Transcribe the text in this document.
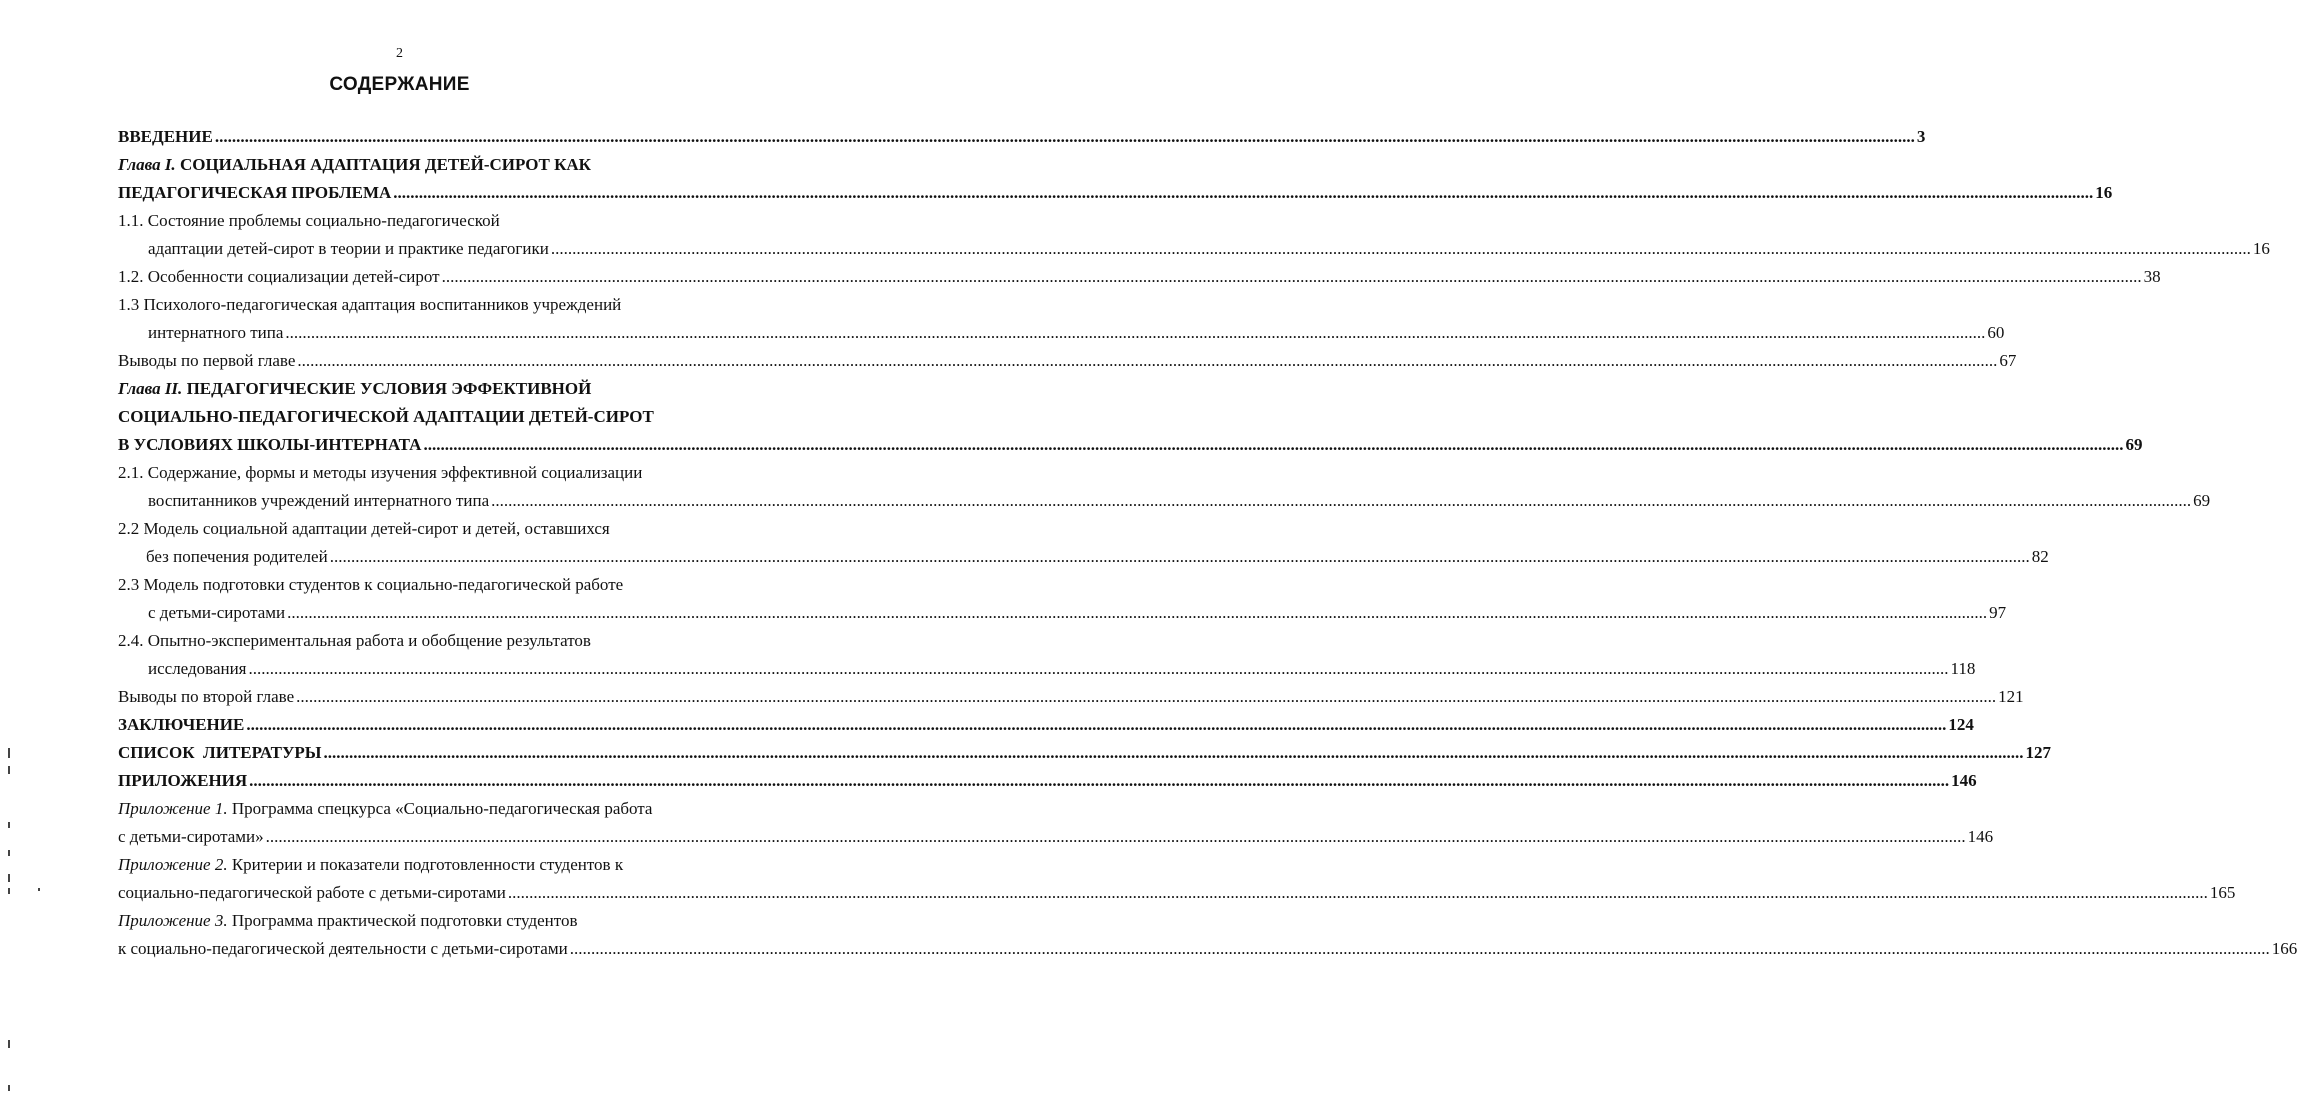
2
СОДЕРЖАНИЕ
ВВЕДЕНИЕ ................................................................................................................................................................................................................................................................................................................................................................................................................ 3
Глава I. СОЦИАЛЬНАЯ АДАПТАЦИЯ ДЕТЕЙ-СИРОТ КАК
ПЕДАГОГИЧЕСКАЯ ПРОБЛЕМА ................................................................................................................................................................................................................................................................................................................................................................................................................ 16
1.1. Состояние проблемы социально-педагогической
адаптации детей-сирот в теории и практике педагогики ................................................................................................................................................................................................................................................................................................................................................................................................................ 16
1.2. Особенности социализации детей-сирот ................................................................................................................................................................................................................................................................................................................................................................................................................ 38
1.3 Психолого-педагогическая адаптация воспитанников учреждений
интернатного типа ................................................................................................................................................................................................................................................................................................................................................................................................................ 60
Выводы по первой главе ................................................................................................................................................................................................................................................................................................................................................................................................................ 67
Глава II. ПЕДАГОГИЧЕСКИЕ УСЛОВИЯ ЭФФЕКТИВНОЙ
СОЦИАЛЬНО-ПЕДАГОГИЧЕСКОЙ АДАПТАЦИИ ДЕТЕЙ-СИРОТ
В УСЛОВИЯХ ШКОЛЫ-ИНТЕРНАТА ................................................................................................................................................................................................................................................................................................................................................................................................................ 69
2.1. Содержание, формы и методы изучения эффективной социализации
воспитанников учреждений интернатного типа ................................................................................................................................................................................................................................................................................................................................................................................................................ 69
2.2 Модель социальной адаптации детей-сирот и детей, оставшихся
без попечения родителей ................................................................................................................................................................................................................................................................................................................................................................................................................ 82
2.3 Модель подготовки студентов к социально-педагогической работе
с детьми-сиротами ................................................................................................................................................................................................................................................................................................................................................................................................................ 97
2.4. Опытно-экспериментальная работа и обобщение результатов
исследования ................................................................................................................................................................................................................................................................................................................................................................................................................ 118
Выводы по второй главе ................................................................................................................................................................................................................................................................................................................................................................................................................ 121
ЗАКЛЮЧЕНИЕ ................................................................................................................................................................................................................................................................................................................................................................................................................ 124
СПИСОК  ЛИТЕРАТУРЫ ................................................................................................................................................................................................................................................................................................................................................................................................................ 127
ПРИЛОЖЕНИЯ ................................................................................................................................................................................................................................................................................................................................................................................................................ 146
Приложение 1. Программа спецкурса «Социально-педагогическая работа
с детьми-сиротами» ................................................................................................................................................................................................................................................................................................................................................................................................................ 146
Приложение 2. Критерии и показатели подготовленности студентов к
социально-педагогической работе с детьми-сиротами ................................................................................................................................................................................................................................................................................................................................................................................................................ 165
Приложение 3. Программа практической подготовки студентов
к социально-педагогической деятельности с детьми-сиротами ................................................................................................................................................................................................................................................................................................................................................................................................................ 166
